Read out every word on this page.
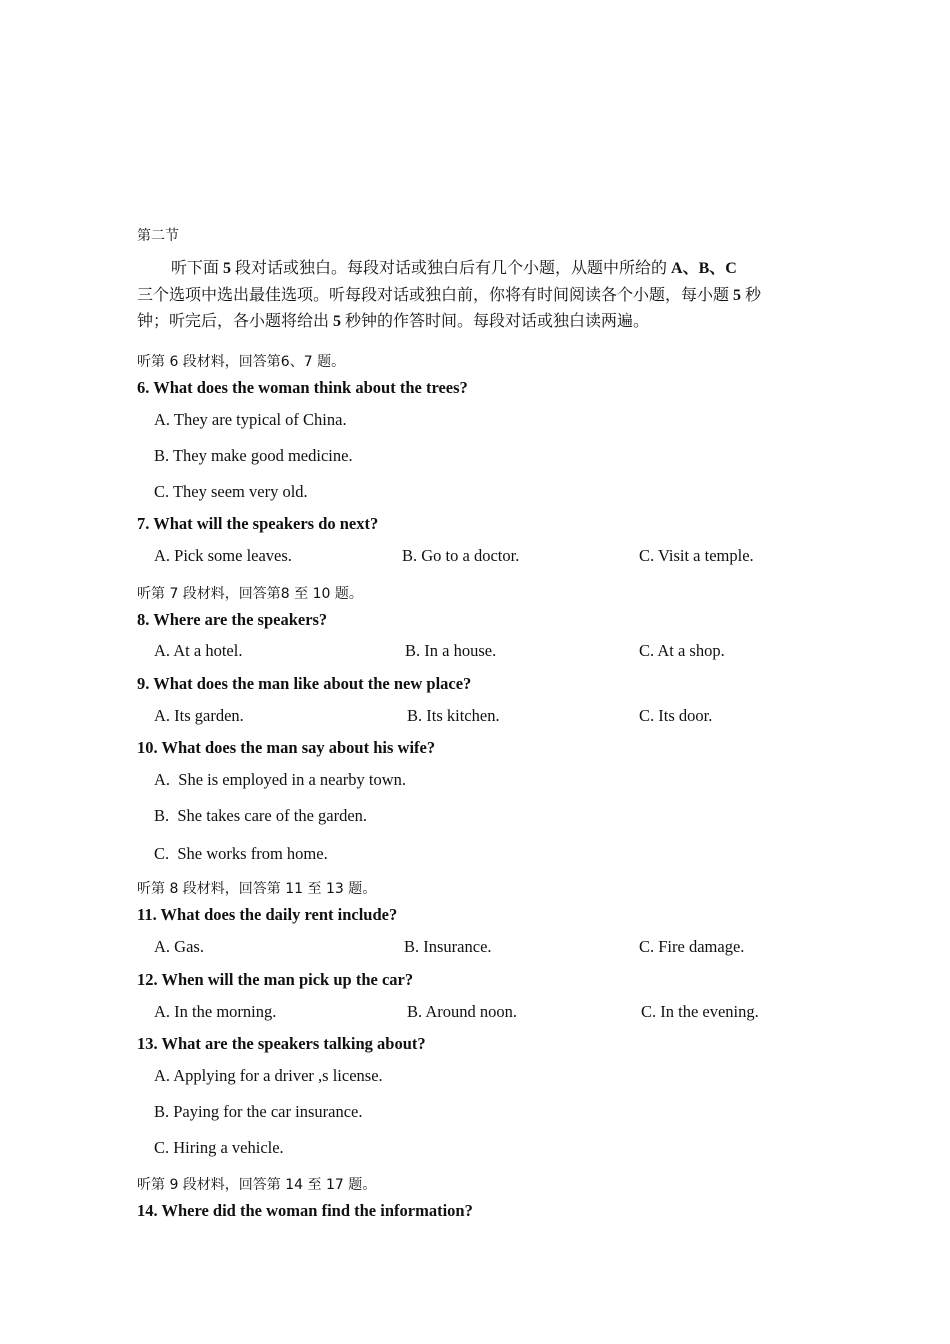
第二节
听下面 5 段对话或独白。每段对话或独白后有几个小题，从题中所给的 A、B、C
三个选项中选出最佳选项。听每段对话或独白前，你将有时间阅读各个小题，每小题 5 秒
钟；听完后，各小题将给出 5 秒钟的作答时间。每段对话或独白读两遍。
听第 6 段材料，回答第6、7 题。
6. What does the woman think about the trees?
A. They are typical of China.
B. They make good medicine.
C. They seem very old.
7. What will the speakers do next?
A. Pick some leaves.	B. Go to a doctor.	C. Visit a temple.
听第 7 段材料，回答第8 至 10 题。
8. Where are the speakers?
A. At a hotel.	B. In a house.	C. At a shop.
9. What does the man like about the new place?
A. Its garden.	B. Its kitchen.	C. Its door.
10. What does the man say about his wife?
A.  She is employed in a nearby town.
B.  She takes care of the garden.
C.  She works from home.
听第 8 段材料，回答第 11 至 13 题。
11. What does the daily rent include?
A. Gas.	B. Insurance.	C. Fire damage.
12. When will the man pick up the car?
A. In the morning.	B. Around noon.	C. In the evening.
13. What are the speakers talking about?
A. Applying for a driver ,s license.
B. Paying for the car insurance.
C. Hiring a vehicle.
听第 9 段材料，回答第 14 至 17 题。
14. Where did the woman find the information?
